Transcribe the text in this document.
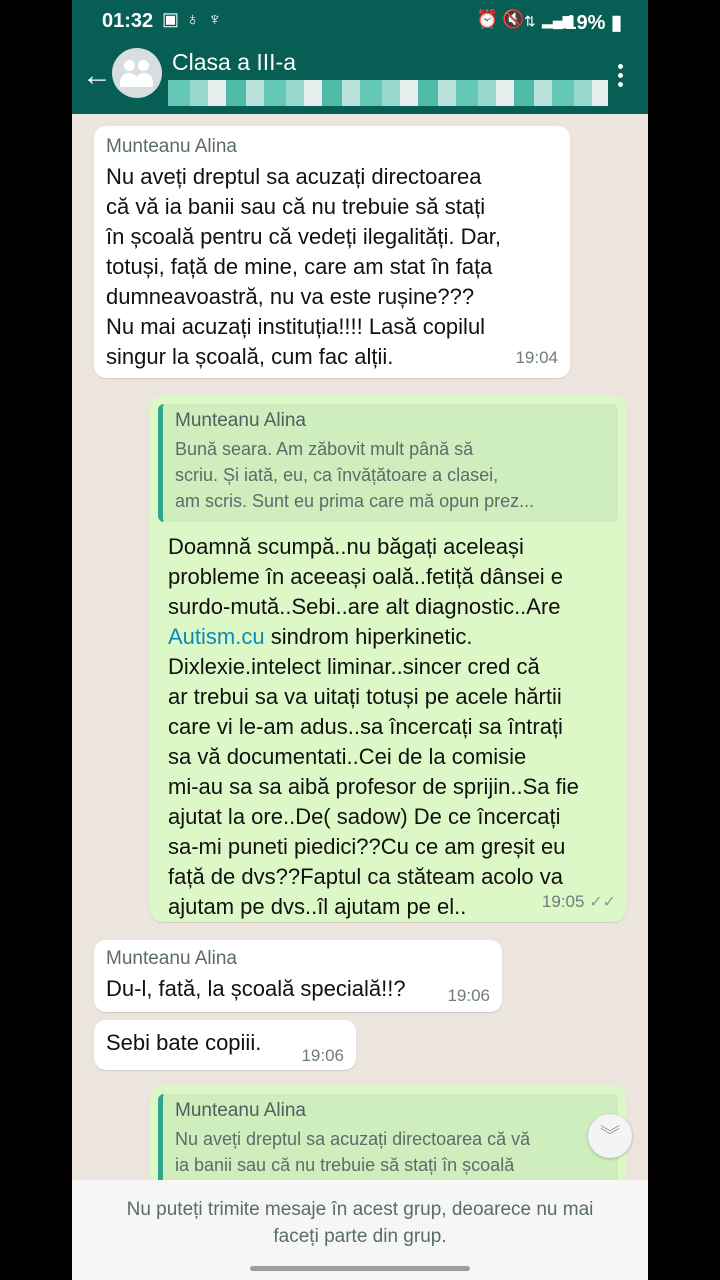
01:32 ▣ ♁ ♆	⏰ 🔇 ⇅ ▂▄▆
19% ▮
←	Clasa a III-a
Munteanu Alina
Nu aveți dreptul sa acuzați directoarea
că vă ia banii sau că nu trebuie să stați
în școală pentru că vedeți ilegalități. Dar,
totuși, față de mine, care am stat în fața
dumneavoastră, nu va este rușine???
Nu mai acuzați instituția!!!! Lasă copilul
singur la școală, cum fac alții.	19:04
Munteanu Alina
Bună seara. Am zăbovit mult până să
scriu. Și iată, eu, ca învățătoare a clasei,
am scris. Sunt eu prima care mă opun prez...
Doamnă scumpă..nu băgați aceleași
probleme în aceeași oală..fetiță dânsei e
surdo-mută..Sebi..are alt diagnostic..Are
Autism.cu sindrom hiperkinetic.
Dixlexie.intelect liminar..sincer cred că
ar trebui sa va uitați totuși pe acele hărtii
care vi le-am adus..sa încercați sa întrați
sa vă documentati..Cei de la comisie
mi-au sa sa aibă profesor de sprijin..Sa fie
ajutat la ore..De( sadow) De ce încercați
sa-mi puneti piedici??Cu ce am greșit eu
față de dvs??Faptul ca stăteam acolo va
ajutam pe dvs..îl ajutam pe el..	19:05 ✓✓
Munteanu Alina
Du-l, fată, la școală specială!!?	19:06
Sebi bate copiii.
19:06
Munteanu Alina
Nu aveți dreptul sa acuzați directoarea că vă
ia banii sau că nu trebuie să stați în școală
︾
Nu puteți trimite mesaje în acest grup, deoarece nu mai faceți parte din grup.
